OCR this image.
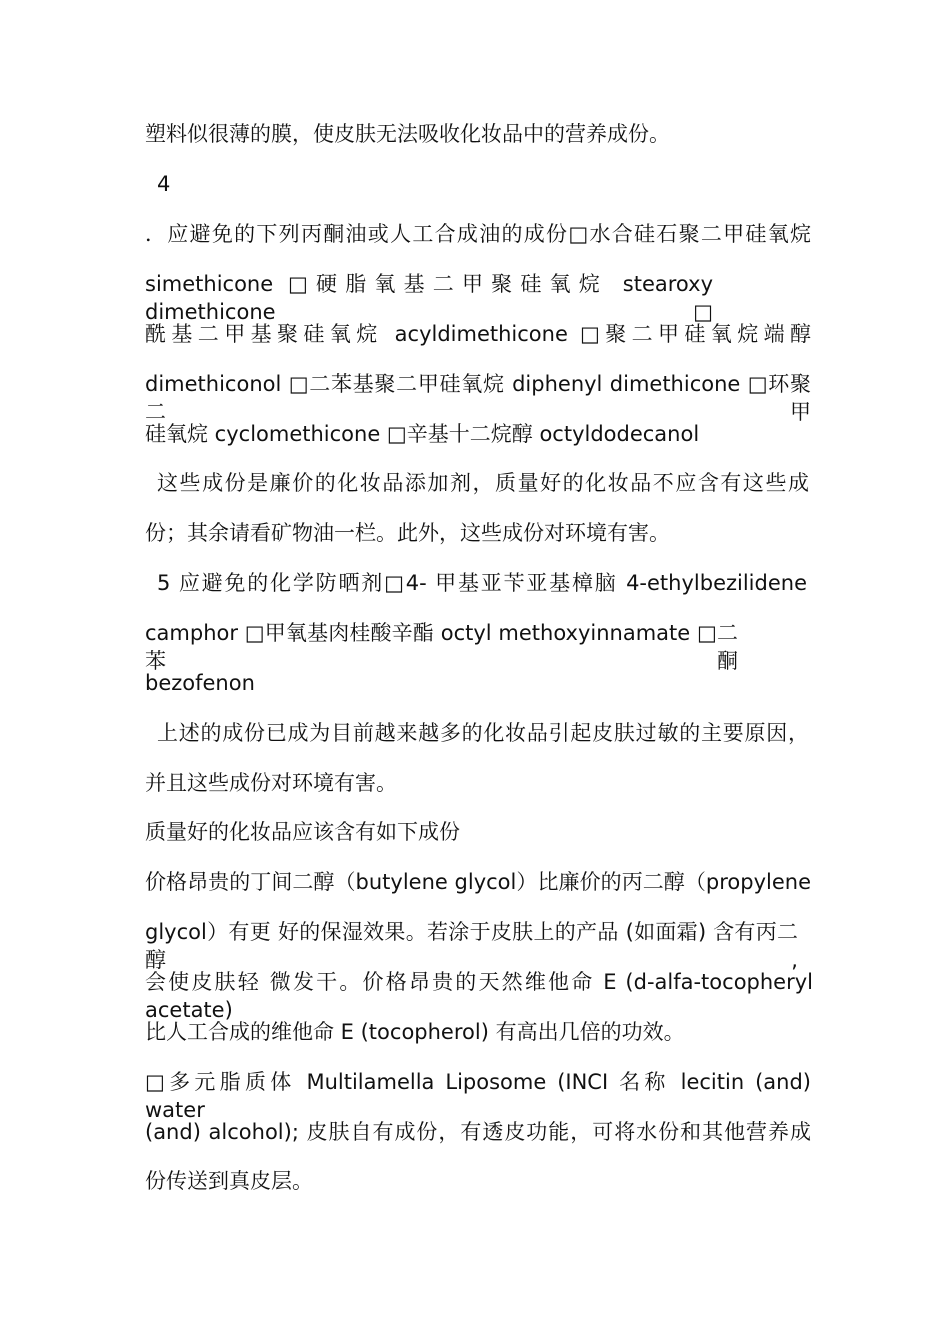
塑料似很薄的膜，使皮肤无法吸收化妆品中的营养成份。

4

．应避免的下列丙酮油或人工合成油的成份□水合硅石聚二甲硅氧烷

simethicone □硬脂氧基二甲聚硅氧烷 stearoxy dimethicone □

酰基二甲基聚硅氧烷 acyldimethicone □聚二甲硅氧烷端醇

dimethiconol □二苯基聚二甲硅氧烷 diphenyl dimethicone □环聚二甲

硅氧烷 cyclomethicone □辛基十二烷醇 octyldodecanol

这些成份是廉价的化妆品添加剂，质量好的化妆品不应含有这些成

份；其余请看矿物油一栏。此外，这些成份对环境有害。

5 应避免的化学防晒剂□4- 甲基亚苄亚基樟脑 4-ethylbezilidene

camphor □甲氧基肉桂酸辛酯 octyl methoxyinnamate □二苯酮

bezofenon

上述的成份已成为目前越来越多的化妆品引起皮肤过敏的主要原因，

并且这些成份对环境有害。

质量好的化妆品应该含有如下成份

价格昂贵的丁间二醇（butylene glycol）比廉价的丙二醇（propylene

glycol）有更 好的保湿效果。若涂于皮肤上的产品 (如面霜) 含有丙二醇,

会使皮肤轻 微发干。价格昂贵的天然维他命 E (d-alfa-tocopheryl acetate)

比人工合成的维他命 E (tocopherol) 有高出几倍的功效。

□多元脂质体 Multilamella Liposome (INCI 名称 lecitin (and) water

(and) alcohol); 皮肤自有成份，有透皮功能，可将水份和其他营养成

份传送到真皮层。
